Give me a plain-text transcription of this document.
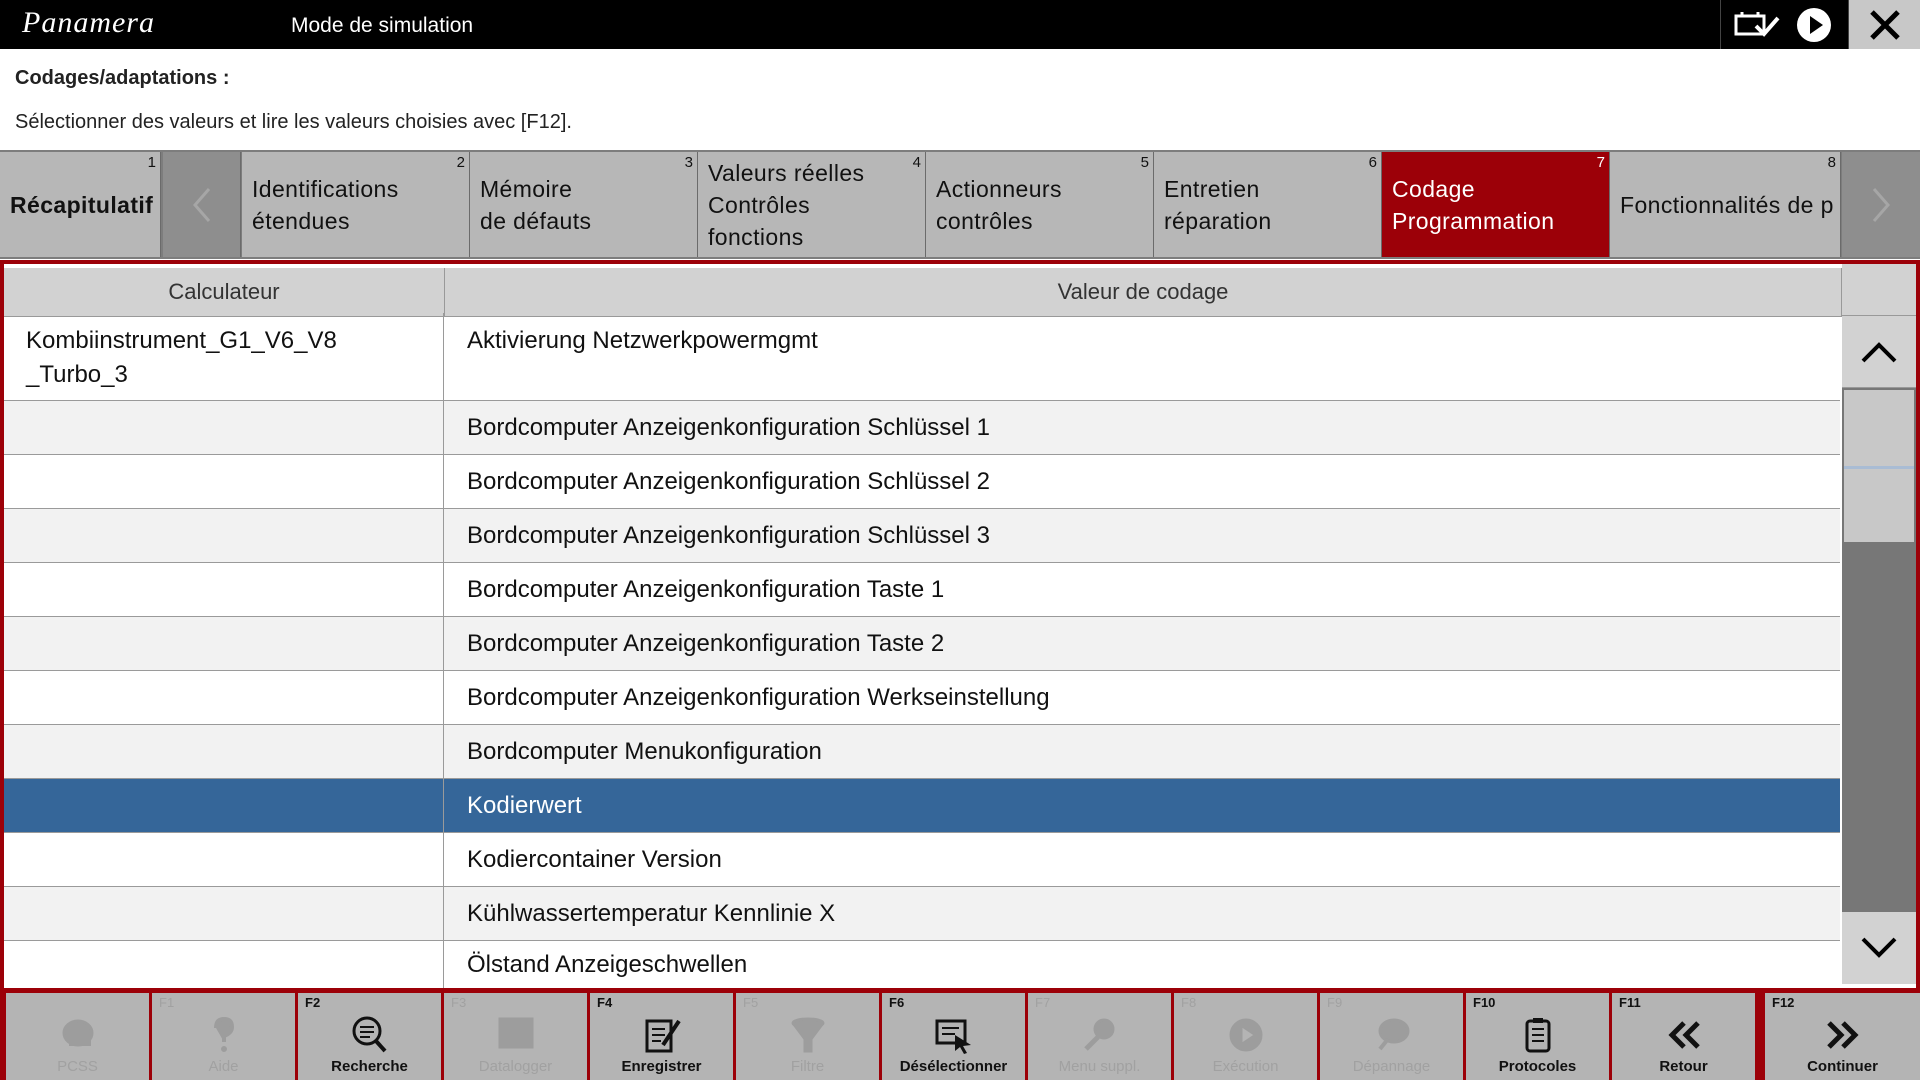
Panamera	Mode de simulation
Codages/adaptations :
Sélectionner des valeurs et lire les valeurs choisies avec [F12].
1
Récapitulatif
2
Identifications
étendues
3
Mémoire
de défauts
4
Valeurs réelles
Contrôles
fonctions
5
Actionneurs
contrôles
6
Entretien
réparation
7
Codage
Programmation
8
Fonctionnalités de p
Calculateur	Valeur de codage
Kombiinstrument_G1_V6_V8
_Turbo_3
Aktivierung Netzwerkpowermgmt
Bordcomputer Anzeigenkonfiguration Schlüssel 1
Bordcomputer Anzeigenkonfiguration Schlüssel 2
Bordcomputer Anzeigenkonfiguration Schlüssel 3
Bordcomputer Anzeigenkonfiguration Taste 1
Bordcomputer Anzeigenkonfiguration Taste 2
Bordcomputer Anzeigenkonfiguration Werkseinstellung
Bordcomputer Menukonfiguration
Kodierwert
Kodiercontainer Version
Kühlwassertemperatur Kennlinie X
Ölstand Anzeigeschwellen
PCSS
F1
Aide
F2
Recherche
F3
Datalogger
F4
Enregistrer
F5
Filtre
F6
Désélectionner
F7
Menu suppl.
F8
Exécution
F9
Dépannage
F10
Protocoles
F11
Retour
F12
Continuer
